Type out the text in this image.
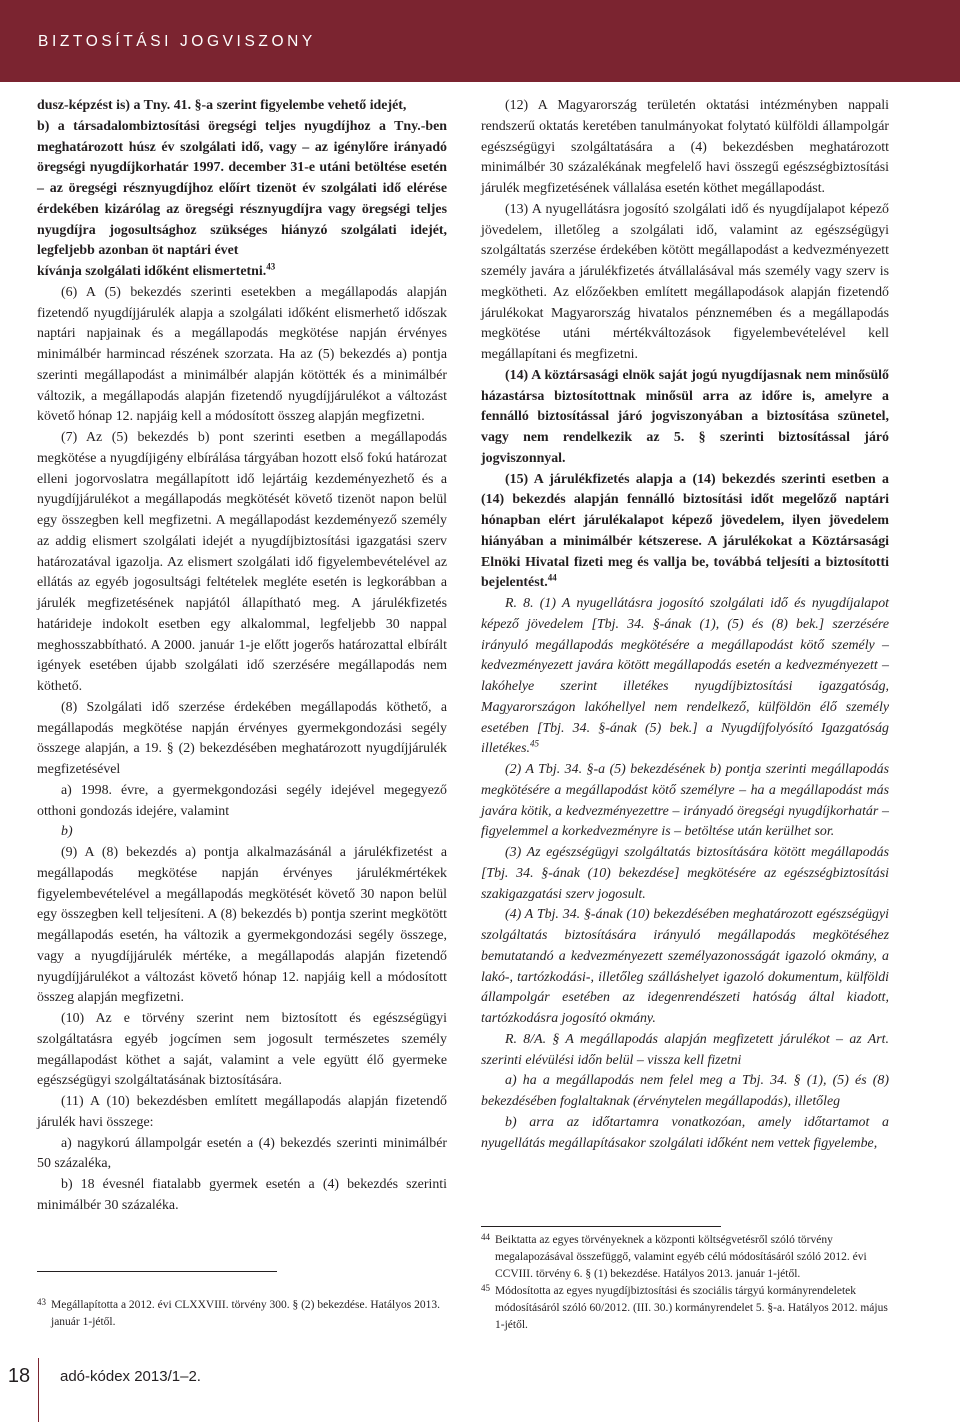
BIZTOSÍTÁSI JOGVISZONY

dusz-képzést is) a Tny. 41. §-a szerint figyelembe vehető idejét,

b) a társadalombiztosítási öregségi teljes nyugdíjhoz a Tny.-ben meghatározott húsz év szolgálati idő, vagy – az igénylőre irányadó öregségi nyugdíjkorhatár 1997. december 31-e utáni betöltése esetén – az öregségi résznyugdíjhoz előírt tizenöt év szolgálati idő elérése érdekében kizárólag az öregségi résznyugdíjra vagy öregségi teljes nyugdíjra jogosultsághoz szükséges hiányzó szolgálati idejét, legfeljebb azonban öt naptári évet

kívánja szolgálati időként elismertetni.$^{43}$

(6) A (5) bekezdés szerinti esetekben a megállapodás alapján fizetendő nyugdíjjárulék alapja a szolgálati időként elismerhető időszak naptári napjainak és a megállapodás megkötése napján érvényes minimálbér harmincad részének szorzata. Ha az (5) bekezdés a) pontja szerinti megállapodást a minimálbér alapján kötötték és a minimálbér változik, a megállapodás alapján fizetendő nyugdíjjárulékot a változást követő hónap 12. napjáig kell a módosított összeg alapján megfizetni.

(7) Az (5) bekezdés b) pont szerinti esetben a megállapodás megkötése a nyugdíjigény elbírálása tárgyában hozott első fokú határozat elleni jogorvoslatra megállapított idő lejártáig kezdeményezhető és a nyugdíjjárulékot a megállapodás megkötését követő tizenöt napon belül egy összegben kell megfizetni. A megállapodást kezdeményező személy az addig elismert szolgálati idejét a nyugdíjbiztosítási igazgatási szerv határozatával igazolja. Az elismert szolgálati idő figyelembevételével az ellátás az egyéb jogosultsági feltételek megléte esetén is legkorábban a járulék megfizetésének napjától állapítható meg. A járulékfizetés határideje indokolt esetben egy alkalommal, legfeljebb 30 nappal meghosszabbítható. A 2000. január 1-je előtt jogerős határozattal elbírált igények esetében újabb szolgálati idő szerzésére megállapodás nem köthető.

(8) Szolgálati idő szerzése érdekében megállapodás köthető, a megállapodás megkötése napján érvényes gyermekgondozási segély összege alapján, a 19. § (2) bekezdésében meghatározott nyugdíjjárulék megfizetésével

a) 1998. évre, a gyermekgondozási segély idejével megegyező otthoni gondozás idejére, valamint

b)

(9) A (8) bekezdés a) pontja alkalmazásánál a járulékfizetést a megállapodás megkötése napján érvényes járulékmértékek figyelembevételével a megállapodás megkötését követő 30 napon belül egy összegben kell teljesíteni. A (8) bekezdés b) pontja szerint megkötött megállapodás esetén, ha változik a gyermekgondozási segély összege, vagy a nyugdíjjárulék mértéke, a megállapodás alapján fizetendő nyugdíjjárulékot a változást követő hónap 12. napjáig kell a módosított összeg alapján megfizetni.

(10) Az e törvény szerint nem biztosított és egészségügyi szolgáltatásra egyéb jogcímen sem jogosult természetes személy megállapodást köthet a saját, valamint a vele együtt élő gyermeke egészségügyi szolgáltatásának biztosítására.

(11) A (10) bekezdésben említett megállapodás alapján fizetendő járulék havi összege:

a) nagykorú állampolgár esetén a (4) bekezdés szerinti minimálbér 50 százaléka,

b) 18 évesnél fiatalabb gyermek esetén a (4) bekezdés szerinti minimálbér 30 százaléka.

(12) A Magyarország területén oktatási intézményben nappali rendszerű oktatás keretében tanulmányokat folytató külföldi állampolgár egészségügyi szolgáltatására a (4) bekezdésben meghatározott minimálbér 30 százalékának megfelelő havi összegű egészségbiztosítási járulék megfizetésének vállalása esetén köthet megállapodást.

(13) A nyugellátásra jogosító szolgálati idő és nyugdíjalapot képező jövedelem, illetőleg a szolgálati idő, valamint az egészségügyi szolgáltatás szerzése érdekében kötött megállapodást a kedvezményezett személy javára a járulékfizetés átvállalásával más személy vagy szerv is megkötheti. Az előzőekben említett megállapodások alapján fizetendő járulékokat Magyarország hivatalos pénznemében és a megállapodás megkötése utáni mértékváltozások figyelembevételével kell megállapítani és megfizetni.

(14) A köztársasági elnök saját jogú nyugdíjasnak nem minősülő házastársa biztosítottnak minősül arra az időre is, amelyre a fennálló biztosítással járó jogviszonyában a biztosítása szünetel, vagy nem rendelkezik az 5. § szerinti biztosítással járó jogviszonnyal.

(15) A járulékfizetés alapja a (14) bekezdés szerinti esetben a (14) bekezdés alapján fennálló biztosítási időt megelőző naptári hónapban elért járulékalapot képező jövedelem, ilyen jövedelem hiányában a minimálbér kétszerese. A járulékokat a Köztársasági Elnöki Hivatal fizeti meg és vallja be, továbbá teljesíti a biztosítotti bejelentést.$^{44}$

R. 8. (1) A nyugellátásra jogosító szolgálati idő és nyugdíjalapot képező jövedelem [Tbj. 34. §-ának (1), (5) és (8) bek.] szerzésére irányuló megállapodás megkötésére a megállapodást kötő személy – kedvezményezett javára kötött megállapodás esetén a kedvezményezett – lakóhelye szerint illetékes nyugdíjbiztosítási igazgatóság, Magyarországon lakóhellyel nem rendelkező, külföldön élő személy esetében [Tbj. 34. §-ának (5) bek.] a Nyugdíjfolyósító Igazgatóság illetékes.$^{45}$

(2) A Tbj. 34. §-a (5) bekezdésének b) pontja szerinti megállapodás megkötésére a megállapodást kötő személyre – ha a megállapodást más javára kötik, a kedvezményezettre – irányadó öregségi nyugdíjkorhatár – figyelemmel a korkedvezményre is – betöltése után kerülhet sor.

(3) Az egészségügyi szolgáltatás biztosítására kötött megállapodás [Tbj. 34. §-ának (10) bekezdése] megkötésére az egészségbiztosítási szakigazgatási szerv jogosult.

(4) A Tbj. 34. §-ának (10) bekezdésében meghatározott egészségügyi szolgáltatás biztosítására irányuló megállapodás megkötéséhez bemutatandó a kedvezményezett személyazonosságát igazoló okmány, a lakó-, tartózkodási-, illetőleg szálláshelyet igazoló dokumentum, külföldi állampolgár esetében az idegenrendészeti hatóság által kiadott, tartózkodásra jogosító okmány.

R. 8/A. § A megállapodás alapján megfizetett járulékot – az Art. szerinti elévülési időn belül – vissza kell fizetni

a) ha a megállapodás nem felel meg a Tbj. 34. § (1), (5) és (8) bekezdésében foglaltaknak (érvénytelen megállapodás), illetőleg

b) arra az időtartamra vonatkozóan, amely időtartamot a nyugellátás megállapításakor szolgálati időként nem vettek figyelembe,

43 Megállapította a 2012. évi CLXXVIII. törvény 300. § (2) bekezdése. Hatályos 2013. január 1-jétől.
44 Beiktatta az egyes törvényeknek a központi költségvetésről szóló törvény megalapozásával összefüggő, valamint egyéb célú módosításáról szóló 2012. évi CCVIII. törvény 6. § (1) bekezdése. Hatályos 2013. január 1-jétől.
45 Módosította az egyes nyugdíjbiztosítási és szociális tárgyú kormányrendeletek módosításáról szóló 60/2012. (III. 30.) kormányrendelet 5. §-a. Hatályos 2012. május 1-jétől.
18	adó-kódex 2013/1–2.
